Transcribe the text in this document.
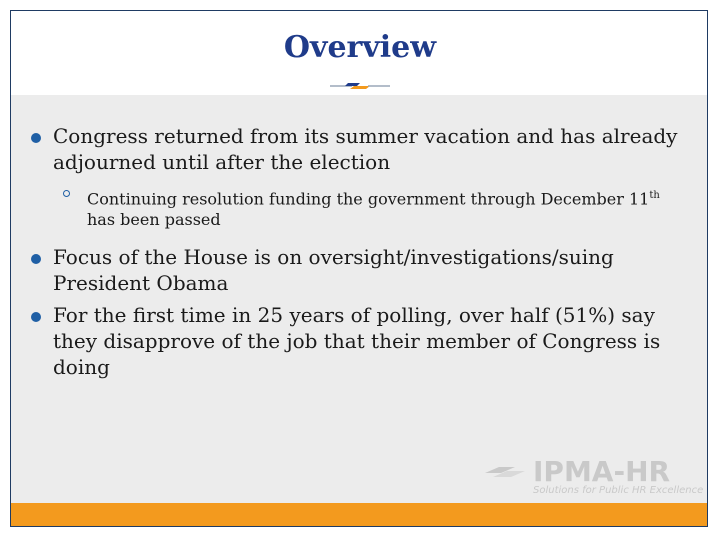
Overview
Congress returned from its summer vacation and has already adjourned until after the election
Continuing resolution funding the government through December 11th has been passed
Focus of the House is on oversight/investigations/suing President Obama
For the first time in 25 years of polling, over half (51%) say they disapprove of the job that their member of Congress is doing
IPMA-HR
Solutions for Public HR Excellence
